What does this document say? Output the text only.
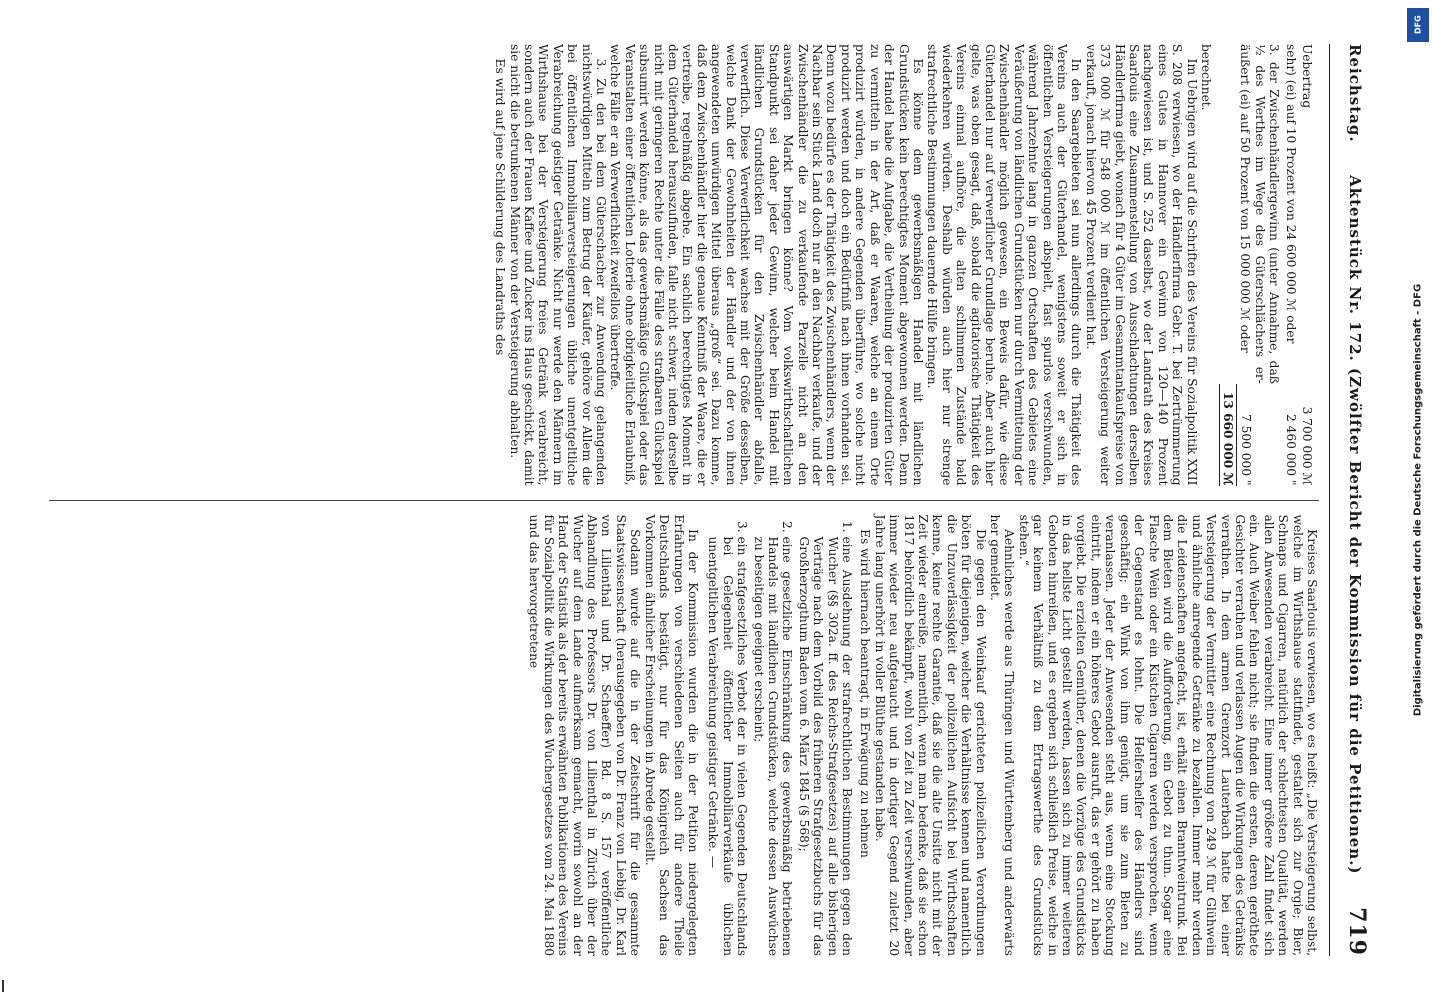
Reichstag.
Aktenstück Nr. 172. (Zwölfter Bericht der Kommission für die Petitionen.)
719
Uebertrag	3 700 000 ℳ
sehr) (ei) auf 10 Prozent von 24 600 000 ℳ oder	2 460 000 "
3. der Zwischenhändlergewinn (unter Annahme, daß ½ des Werthes im Wege des Güterschlächers er- äußert (ei) auf 50 Prozent von 15 000 000 ℳ oder	7 500 000 "
	13 660 000 ℳ
berechnet.

Im Uebrigen wird auf die Schriften des Vereins für Sozialpolitik XXII S. 208 verwiesen, wo der Händlerfirma Gebr. T. bei Zertrümmerung eines Gutes in Hannover ein Gewinn von 120—140 Prozent nachgewiesen ist, und S. 252 daselbst, wo der Landrath des Kreises Saarlouis eine Zusammenstellung von Ausschlachtungen derselben Händlerfirma giebt, wonach für 4 Güter im Gesammtankaufspreise von 373 000 ℳ für 548 000 ℳ im öffentlichen Versteigerung weiter verkauft, jonach hiervon 45 Prozent verdient hat.

In den Saargebieten sei nun allerdings durch die Thätigkeit des Vereins auch der Güterhandel, wenigstens soweit er sich in öffentlichen Versteigerungen abspielt, fast spurlos verschwunden, während Jahrzehnte lang in ganzen Ortschaften des Gebietes eine Veräußerung von ländlichen Grundstücken nur durch Vermittelung der Zwischenhändler möglich gewesen, ein Beweis dafür, wie diese Güterhandel nur auf verwerflicher Grundlage beruhe. Aber auch hier gelte, was oben gesagt, daß, sobald die agitatorische Thätigkeit des Vereins einmal aufhöre, die alten schlimmen Zustände bald wiederkehren würden. Deshalb würden auch hier nur strenge strafrechtliche Bestimmungen dauernde Hülfe bringen.

Es könne dem gewerbsmäßigen Handel mit ländlichen Grundstücken kein berechtigtes Moment abgewonnen werden. Denn der Handel habe die Aufgabe, die Vertheilung der produzirten Güter zu vermitteln in der Art, daß er Waaren, welche an einem Orte produzirt würden, in andere Gegenden überführe, wo solche nicht produzirt werden und doch ein Bedürfniß nach ihnen vorhanden sei. Denn wozu bedürfe es der Thätigkeit des Zwischenhändlers, wenn der Nachbar sein Stück Land doch nur an den Nachbar verkaufe, und der Zwischenhändler die zu verkaufende Parzelle nicht an den auswärtigen Markt bringen könne? Vom volkswirthschaftlichen Standpunkt sei daher jeder Gewinn, welcher beim Handel mit ländlichen Grundstücken für den Zwischenhändler abfalle, verwerflich. Diese Verwerflichkeit wachse mit der Größe desselben, welche Dank der Gewohnheiten der Händler und der von ihnen angewendeten unwürdigen Mittel überaus „groß“ sei. Dazu komme, daß dem Zwischenhändler hier die genaue Kenntniß der Waare, die er vertreibe, regelmäßig abgehe. Ein sachlich berechtigtes Moment in dem Güterhandel herauszufinden, falle nicht schwer, indem derselbe nicht mit geringeren Rechte unter die Fälle des strafbaren Glückspiel subsumirt werden könne, als das gewerbsmäßige Glückspiel oder das Veranstalten einer öffentlichen Lotterie ohne obrigkeitliche Erlaubniß, welche Fälle er an Verwerflichkeit zweifellos übertreffe.

3. Zu den bei dem Güterschacher zur Anwendung gelangenden nichtswürdigen Mitteln zum Betrug der Käufer, gehöre vor Allem die bei öffentlichen Immobiliarversteigerungen übliche unentgeltliche Verabreichung geistiger Getränke. Nicht nur werde den Männern im Wirthshause bei der Versteigerung freies Getränk verabreicht, sondern auch der Frauen Kaffee und Zucker ins Haus geschickt, damit sie nicht die betrunkenen Männer von der Versteigerung abhalten.

Es wird auf jene Schilderung des Landraths des

Kreises Saarlouis verwiesen, wo es heißt: „Die Versteigerung selbst, welche im Wirthshause stattfindet, gestaltet sich zur Orgie; Bier, Schnaps und Cigarren, natürlich der schlechtesten Qualität, werden allen Anwesenden verabreicht. Eine immer größere Zahl findet sich ein. Auch Weiber fehlen nicht; sie finden die ersten, deren geröthete Gesichter verrathen und verlassen Augen die Wirkungen des Getränks verrathen. In dem armen Grenzort Lauterbach hatte bei einer Versteigerung der Vermittler eine Rechnung von 249 ℳ für Glühwein und ähnliche anregende Getränke zu bezahlen. Immer mehr werden die Leidenschaften angefacht, ist, erhält einen Branntweintrunk. Bei dem Bieten wird die Aufforderung, ein Gebot zu thun. Sogar eine Flasche Wein oder ein Kistchen Cigarren werden versprochen, wenn der Gegenstand es lohnt. Die Helfershelfer des Händlers sind geschäftig; ein Wink von ihm genügt, um sie zum Bieten zu veranlassen. Jeder der Anwesenden steht aus, wenn eine Stockung eintritt, indem er ein höheres Gebot ausruft, das er gehört zu haben vorgiebt. Die erzielten Gemüther, denen die Vorzüge des Grundstücks in das hellste Licht gestellt werden, lassen sich zu immer weiteren Geboten hinreißen, und es ergeben sich schließlich Preise, welche in gar keinem Verhältniß zu dem Ertragswerthe des Grundstücks stehen.“

Aehnliches werde aus Thüringen und Württemberg und anderwärts her gemeldet.

Die gegen den Weinkauf gerichteten polizeilichen Verordnungen böten für diejenigen, welcher die Verhältnisse kennen und namentlich die Unzuverlässigkeit der polizeilichen Aufsicht bei Wirthschaften kenne, keine rechte Garantie, daß sie die alte Unsitte nicht mit der Zeit wieder einreiße, namentlich, wenn man bedenke, daß sie schon 1817 behördlich bekämpft, wohl von Zeit zu Zeit verschwunden, aber immer wieder neu aufgetaucht und in dortiger Gegend zuletzt 20 Jahre lang unerhört in voller Blüthe gestanden habe.

Es wird hiernach beantragt, in Erwägung zu nehmen

1. eine Ausdehnung der strafrechtlichen Bestimmungen gegen den Wucher (§§ 302a. ff. des Reichs-Strafgesetzes) auf alle bisherigen Verträge nach dem Vorbild des früheren Strafgesetzbuchs für das Großherzogthum Baden vom 6. März 1845 (§ 568);
2. eine gesetzliche Einschränkung des gewerbsmäßig betriebenen Handels mit ländlichen Grundstücken, welche dessen Auswüchse zu beseitigen geeignet erscheint;
3. ein strafgesetzliches Verbot der in vielen Gegenden Deutschlands bei Gelegenheit öffentlicher Immobiliarverkäufe üblichen unentgeltlichen Verabreichung geistiger Getränke. —

In der Kommission wurden die in der Petition niedergelegten Erfahrungen von verschiedenen Seiten auch für andere Theile Deutschlands bestätigt, nur für das Königreich Sachsen das Vorkommen ähnlicher Erscheinungen in Abrede gestellt.

Sodann wurde auf die in der Zeitschrift für die gesammte Staatswissenschaft (herausgegeben von Dr. Franz von Liebig, Dr. Karl von Lilienthal und Dr. Schaeffer) Bd. 8 S. 157 veröffentliche Abhandlung des Professors Dr. von Lilienthal in Zürich über der Wucher auf dem Lande aufmerksam gemacht, worin sowohl an der Hand der Statistik als der bereits erwähnten Publikationen des Vereins für Sozialpolitik die Wirkungen des Wuchergesetzes vom 24. Mai 1880 und das hervorgetretene

DFG
Digitalisierung gefördert durch die Deutsche Forschungsgemeinschaft - DFG
